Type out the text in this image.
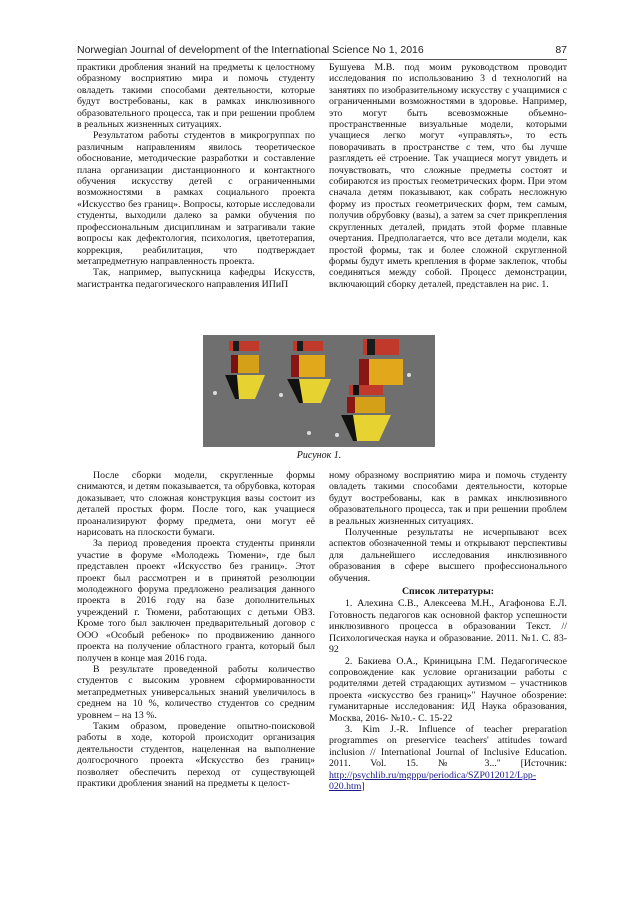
Norwegian Journal of development of the International Science No 1, 2016	87

практики дробления знаний на предметы к целостному образному восприятию мира и помочь студенту овладеть такими способами деятельности, которые будут востребованы, как в рамках инклюзивного образовательного процесса, так и при решении проблем в реальных жизненных ситуациях.

Результатом работы студентов в микрогруппах по различным направлениям явилось теоретическое обоснование, методические разработки и составление плана организации дистанционного и контактного обучения искусству детей с ограниченными возможностями в рамках социального проекта «Искусство без границ». Вопросы, которые исследовали студенты, выходили далеко за рамки обучения по профессиональным дисциплинам и затрагивали такие вопросы как дефектология, психология, цветотерапия, коррекция, реабилитация, что подтверждает метапредметную направленность проекта.

Так, например, выпускница кафедры Искусств, магистрантка педагогического направления ИПиП

Бушуева М.В. под моим руководством проводит исследования по использованию 3 d технологий на занятиях по изобразительному искусству с учащимися с ограниченными возможностями в здоровье. Например, это могут быть всевозможные объемно-пространственные визуальные модели, которыми учащиеся легко могут «управлять», то есть поворачивать в пространстве с тем, что бы лучше разглядеть её строение. Так учащиеся могут увидеть и почувствовать, что сложные предметы состоят и собираются из простых геометрических форм. При этом сначала детям показывают, как собрать несложную форму из простых геометрических форм, тем самым, получив обрубовку (вазы), а затем за счет прикрепления скругленных деталей, придать этой форме плавные очертания. Предполагается, что все детали модели, как простой формы, так и более сложной скругленной формы будут иметь крепления в форме заклепок, чтобы соединяться между собой. Процесс демонстрации, включающий сборку деталей, представлен на рис. 1.

Рисунок 1.

После сборки модели, скругленные формы снимаются, и детям показывается, та обрубовка, которая доказывает, что сложная конструкция вазы состоит из деталей простых форм. После того, как учащиеся проанализируют форму предмета, они могут её нарисовать на плоскости бумаги.

За период проведения проекта студенты приняли участие в форуме «Молодежь Тюмени», где был представлен проект «Искусство без границ». Этот проект был рассмотрен и в принятой резолюции молодежного форума предложено реализация данного проекта в 2016 году на базе дополнительных учреждений г. Тюмени, работающих с детьми ОВЗ. Кроме того был заключен предварительный договор с ООО «Особый ребенок» по продвижению данного проекта на получение областного гранта, который был получен в конце мая 2016 года.

В результате проведенной работы количество студентов с высоким уровнем сформированности метапредметных универсальных знаний увеличилось в среднем на 10 %, количество студентов со средним уровнем – на 13 %.

Таким образом, проведение опытно-поисковой работы в ходе, которой происходит организация деятельности студентов, нацеленная на выполнение долгосрочного проекта «Искусство без границ» позволяет обеспечить переход от существующей практики дробления знаний на предметы к целост-

ному образному восприятию мира и помочь студенту овладеть такими способами деятельности, которые будут востребованы, как в рамках инклюзивного образовательного процесса, так и при решении проблем в реальных жизненных ситуациях.

Полученные результаты не исчерпывают всех аспектов обозначенной темы и открывают перспективы для дальнейшего исследования инклюзивного образования в сфере высшего профессионального обучения.

Список литературы:

1. Алехина С.В., Алексеева М.Н., Агафонова Е.Л. Готовность педагогов как основной фактор успешности инклюзивного процесса в образовании Текст. // Психологическая наука и образование. 2011. №1. С. 83-92

2. Бакиева О.А., Криницына Г.М. Педагогическое сопровождение как условие организации работы с родителями детей страдающих аутизмом – участников проекта «искусство без границ»" Научное обозрение: гуманитарные исследования: ИД Наука образования, Москва, 2016- №10.- С. 15-22

3. Kim J.-R. Influence of teacher preparation programmes on preservice teachers' attitudes toward inclusion // International Journal of Inclusive Education. 2011. Vol. 15. № 3..." [Источник: http://psychlib.ru/mgppu/periodica/SZP012012/Lpp-020.htm]
